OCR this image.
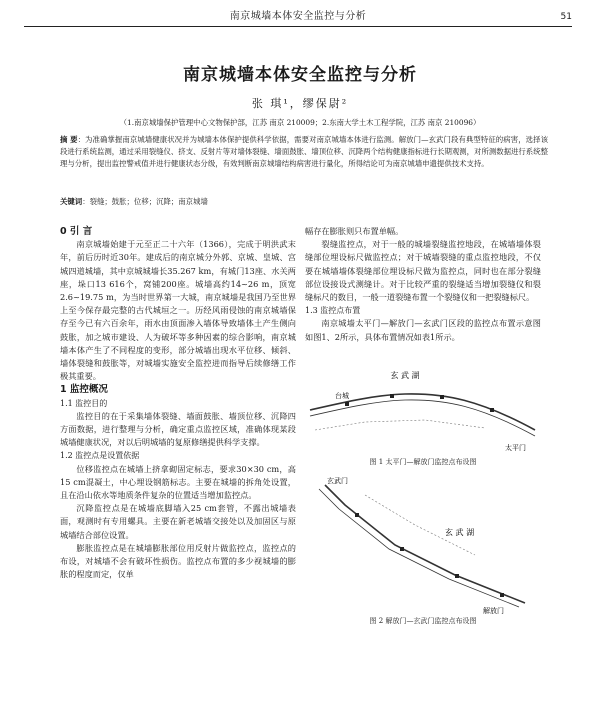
南京城墙本体安全监控与分析	51
南京城墙本体安全监控与分析
张 琪¹，缪保尉²
（1.南京城墙保护管理中心文物保护部，江苏 南京 210009；2.东南大学土木工程学院，江苏 南京 210096）
摘 要：为准确掌握南京城墙健康状况并为城墙本体保护提供科学依据，需要对南京城墙本体进行监测。解放门—玄武门段有典型特征的病害，选择该段进行系统监测，通过采用裂缝仪、挤支、反射片等对墙体裂缝、墙面鼓胀、墙顶位移、沉降两个结构健康指标进行长期观测，对所测数据进行系统整理与分析，提出监控警戒值并进行健康状态分级，有效判断南京城墙结构病害进行量化，所得结论可为南京城墙申遗提供技术支持。
关键词：裂缝；鼓胀；位移；沉降；南京城墙

0 引 言

南京城墙始建于元至正二十六年（1366），完成于明洪武末年，前后历时近30年。建成后的南京城分外郭、京城、皇城、宫城四道城墙，其中京城城墙长35.267 km，有城门13座、水关两座，垛口13 616个，窝铺200座。城墙高约14~26 m，顶宽2.6~19.75 m，为当时世界第一大城，南京城墙是我国乃至世界上至今保存最完整的古代城垣之一。历经风雨侵蚀的南京城墙保存至今已有六百余年，雨水由顶面渗入墙体导致墙体土产生侧向鼓胀，加之城市建设、人为破坏等多种因素的综合影响，南京城墙本体产生了不同程度的变形，部分城墙出现水平位移、倾斜、墙体裂缝和鼓胀等，对城墙实施安全监控进而指导后续修缮工作极其重要。

1 监控概况

1.1 监控目的

监控目的在于采集墙体裂缝、墙面鼓胀、墙顶位移、沉降四方面数据，进行整理与分析，确定重点监控区域，准确体现某段城墙健康状况，对以后明城墙的复原修缮提供科学支撑。

1.2 监控点是设置依据

位移监控点在城墙上挤拿砌固定标志，要求30×30 cm，高15 cm混凝土，中心埋设钢筋标志。主要在城墙的拆角处设置，且在沿山依水等地质条件复杂的位置适当增加监控点。

沉降监控点是在城墙底脚墙入25 cm套管，不露出城墙表面，观测时有专用螺具。主要在新老城墙交接处以及加固区与原城墙结合部位设置。

膨胀监控点是在城墙膨胀部位用反射片做监控点，监控点的布设，对城墙不会有破坏性损伤。监控点布置的多少视城墙的膨胀的程度而定，仅单

幅存在膨胀则只布置单幅。

裂缝监控点，对于一般的城墙裂缝监控地段，在城墙墙体裂缝部位埋设标尺做监控点；对于城墙裂缝的重点监控地段，不仅要在城墙墙体裂缝部位埋设标尺做为监控点，同时也在部分裂缝部位设接设式测缝计。对于比较严重的裂缝适当增加裂缝仪和裂缝标尺的数目，一般一道裂缝布置一个裂缝仪和一把裂缝标尺。

1.3 监控点布置

南京城墙太平门—解放门—玄武门区段的监控点布置示意图如图1、2所示，具体布置情况如表1所示。

玄 武 湖
台城
太平门
图 1 太平门—解放门监控点布设图
玄武门
玄 武 湖
解放门
图 2 解放门—玄武门监控点布设图
